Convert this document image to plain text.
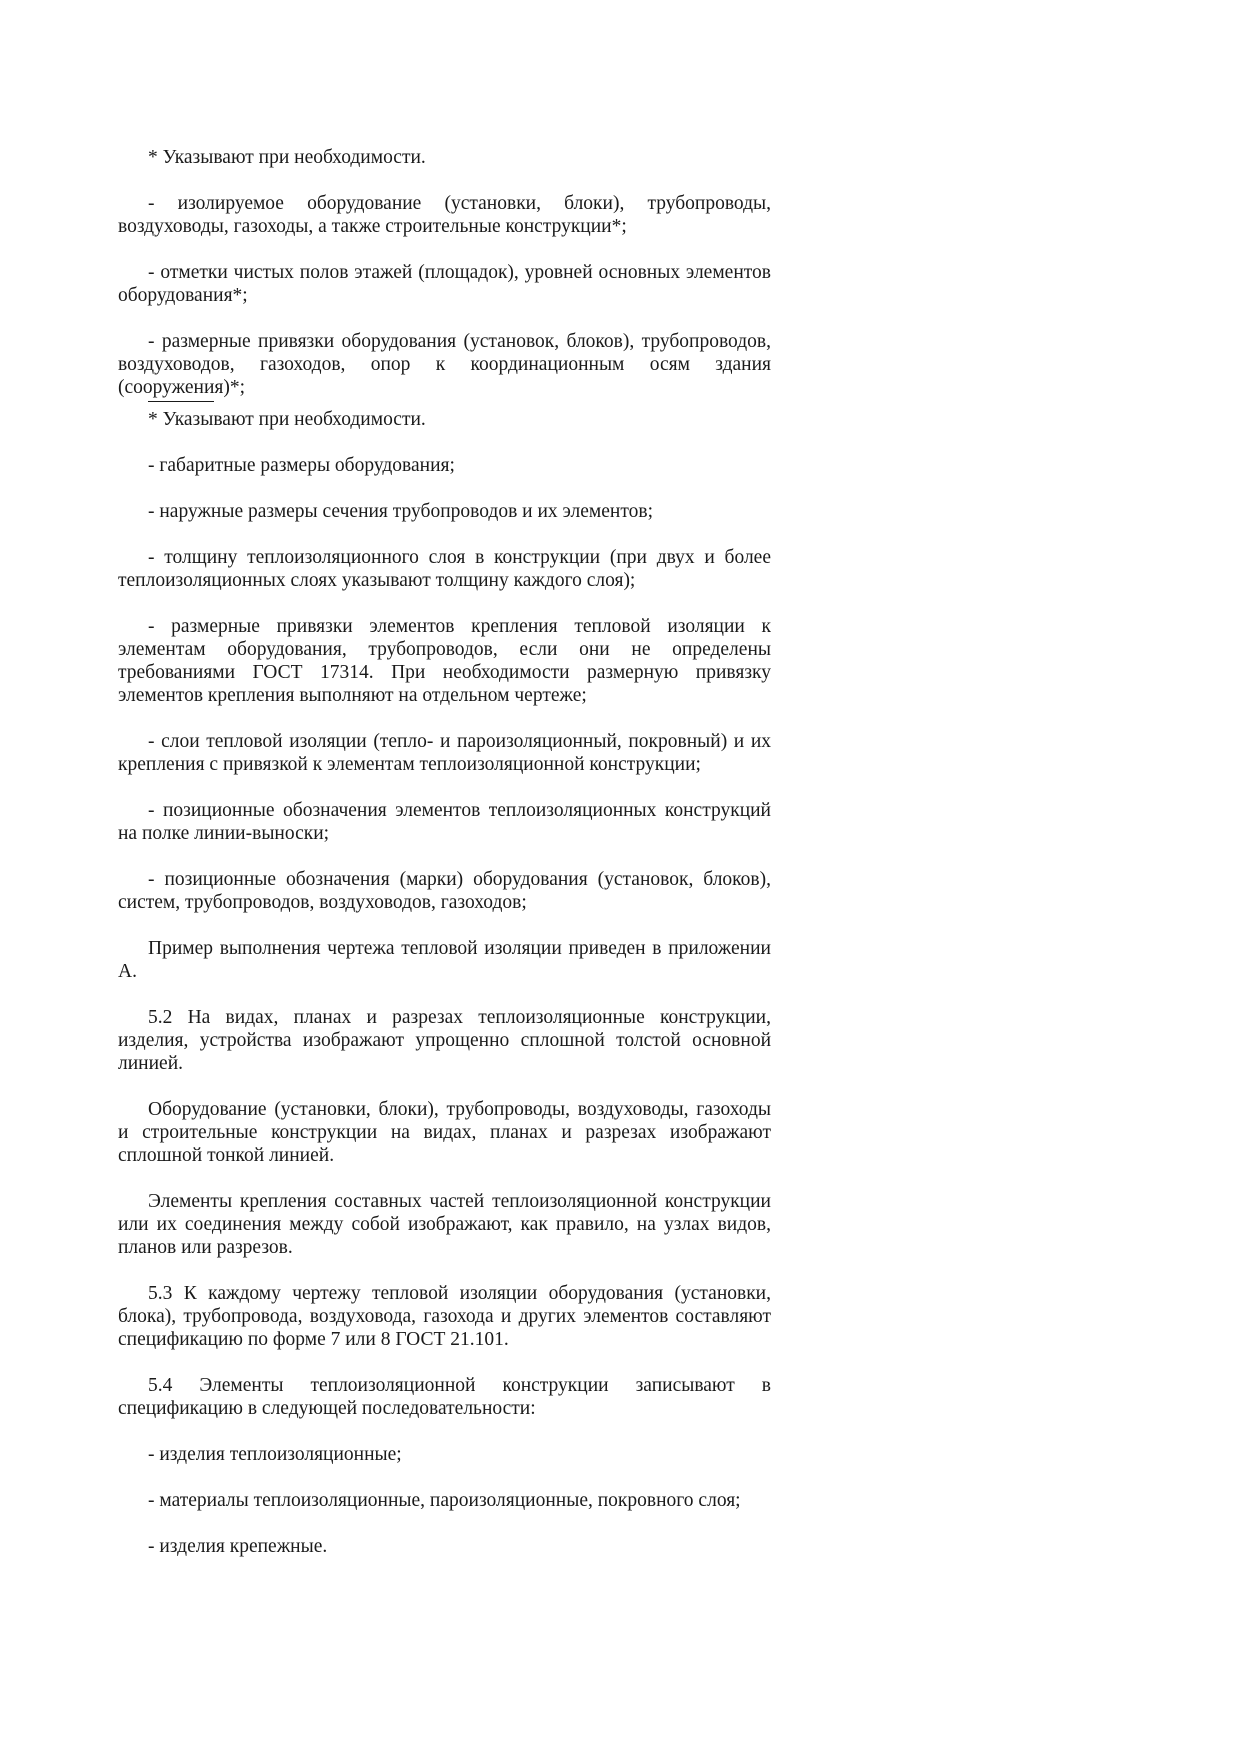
* Указывают при необходимости.

- изолируемое оборудование (установки, блоки), трубопроводы, воздуховоды, газоходы, а также строительные конструкции*;

- отметки чистых полов этажей (площадок), уровней основных элементов оборудования*;

- размерные привязки оборудования (установок, блоков), трубопроводов, воздуховодов, газоходов, опор к координационным осям здания (сооружения)*;

* Указывают при необходимости.

- габаритные размеры оборудования;

- наружные размеры сечения трубопроводов и их элементов;

- толщину теплоизоляционного слоя в конструкции (при двух и более теплоизоляционных слоях указывают толщину каждого слоя);

- размерные привязки элементов крепления тепловой изоляции к элементам оборудования, трубопроводов, если они не определены требованиями ГОСТ 17314. При необходимости размерную привязку элементов крепления выполняют на отдельном чертеже;

- слои тепловой изоляции (тепло- и пароизоляционный, покровный) и их крепления с привязкой к элементам теплоизоляционной конструкции;

- позиционные обозначения элементов теплоизоляционных конструкций на полке линии-выноски;

- позиционные обозначения (марки) оборудования (установок, блоков), систем, трубопроводов, воздуховодов, газоходов;

Пример выполнения чертежа тепловой изоляции приведен в приложении А.

5.2 На видах, планах и разрезах теплоизоляционные конструкции, изделия, устройства изображают упрощенно сплошной толстой основной линией.

Оборудование (установки, блоки), трубопроводы, воздуховоды, газоходы и строительные конструкции на видах, планах и разрезах изображают сплошной тонкой линией.

Элементы крепления составных частей теплоизоляционной конструкции или их соединения между собой изображают, как правило, на узлах видов, планов или разрезов.

5.3 К каждому чертежу тепловой изоляции оборудования (установки, блока), трубопровода, воздуховода, газохода и других элементов составляют спецификацию по форме 7 или 8 ГОСТ 21.101.

5.4 Элементы теплоизоляционной конструкции записывают в спецификацию в следующей последовательности:

- изделия теплоизоляционные;

- материалы теплоизоляционные, пароизоляционные, покровного слоя;

- изделия крепежные.
